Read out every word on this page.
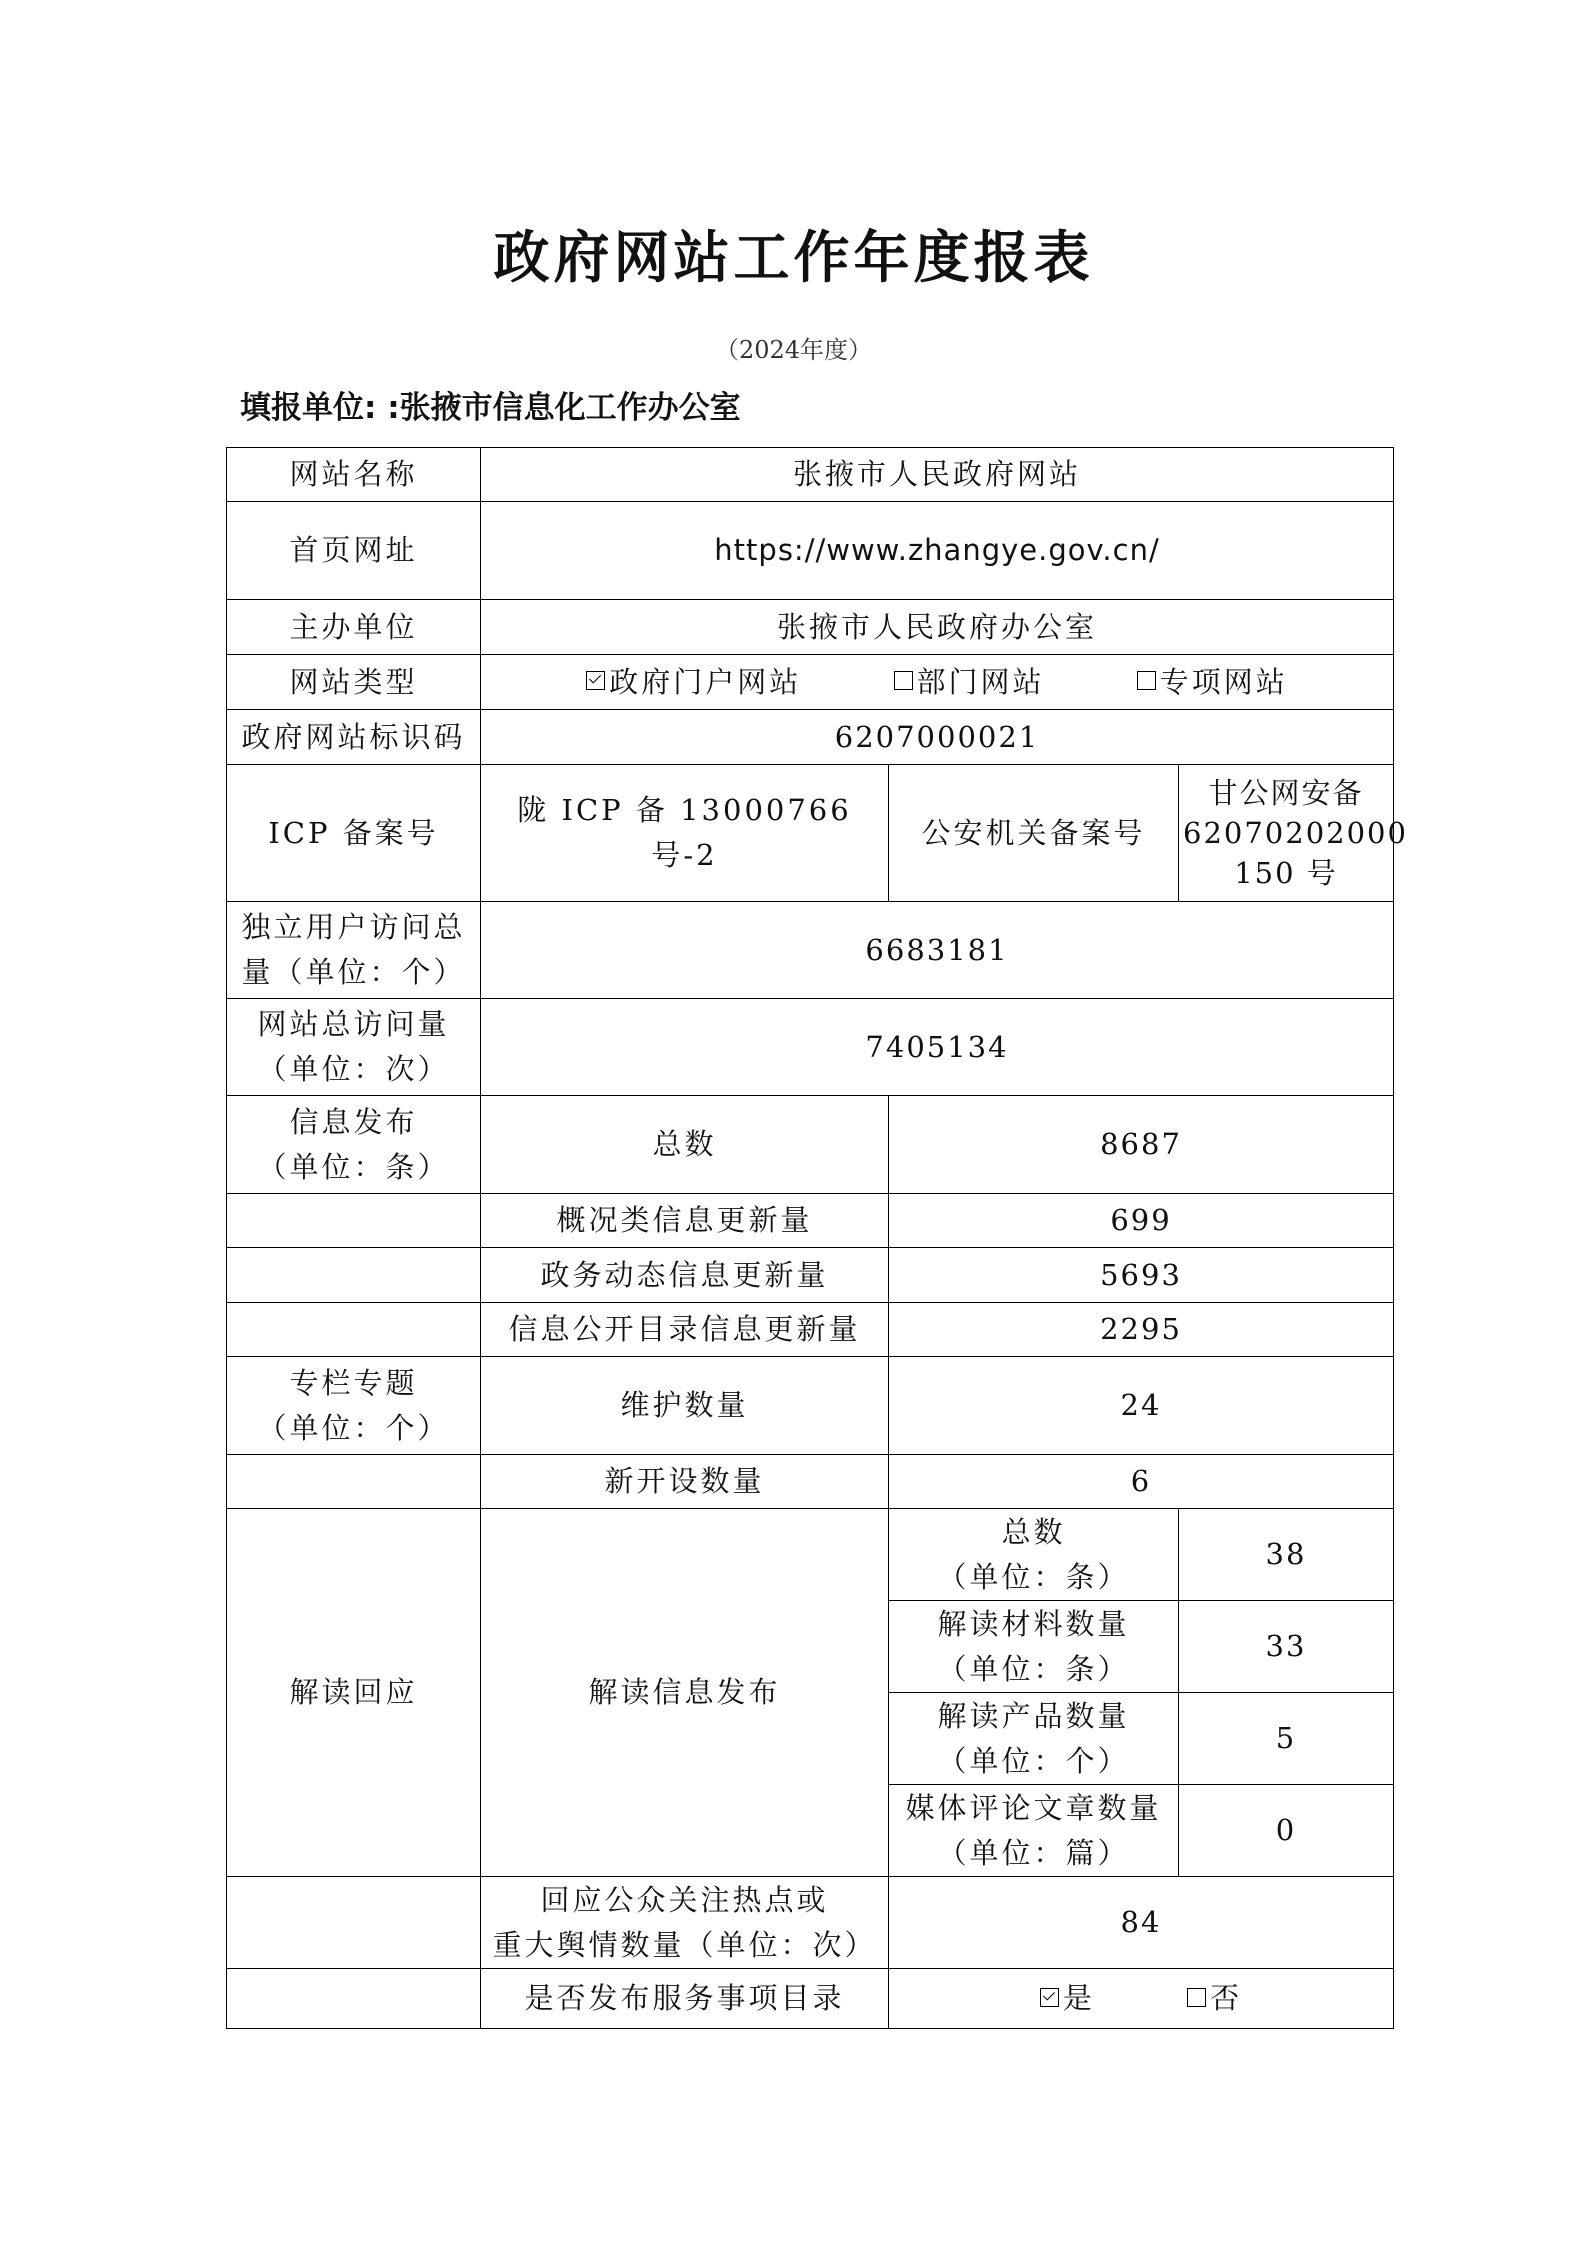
政府网站工作年度报表
（2024年度）
填报单位: :张掖市信息化工作办公室
网站名称	张掖市人民政府网站		
首页网址	https://www.zhangye.gov.cn/		
主办单位	张掖市人民政府办公室		
网站类型	政府门户网站 部门网站 专项网站		
政府网站标识码	6207000021		
ICP 备案号	陇 ICP 备 13000766 号-2	公安机关备案号	甘公网安备
62070202000
150 号

独立用户访问总
量（单位：个）	6683181		

网站总访问量
（单位：次）	7405134		

信息发布
（单位：条）	总数	8687	
	概况类信息更新量	699	
	政务动态信息更新量	5693	
	信息公开目录信息更新量	2295	

专栏专题
（单位：个）	维护数量	24	
	新开设数量	6	
解读回应	解读信息发布	总数
（单位：条）	38

		解读材料数量
（单位：条）	33

		解读产品数量
（单位：个）	5

		媒体评论文章数量
（单位：篇）	0

	回应公众关注热点或
重大舆情数量（单位：次）	84	
	是否发布服务事项目录	是 否	
